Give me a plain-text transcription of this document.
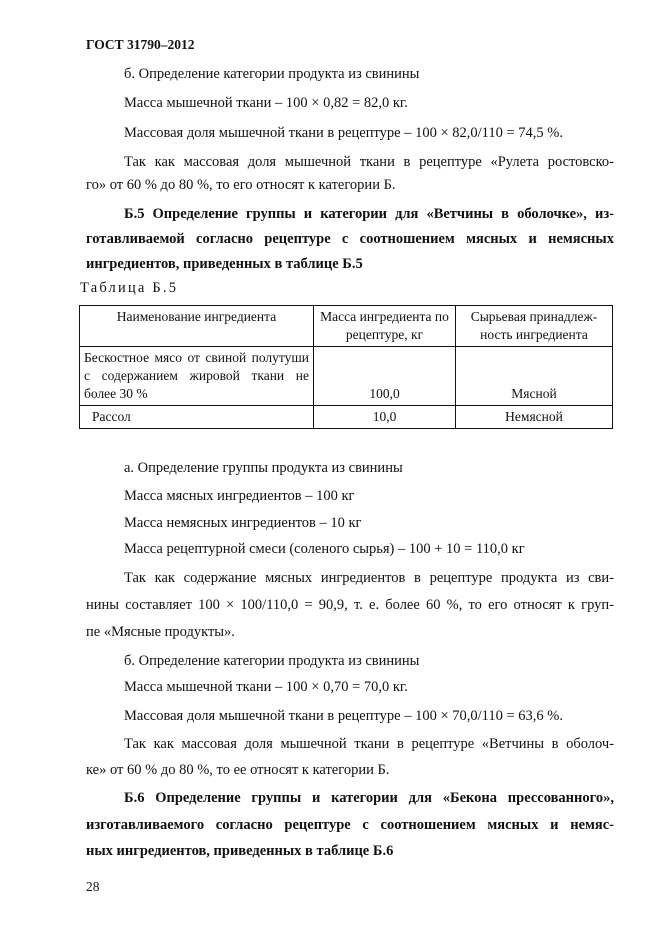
ГОСТ 31790–2012
б. Определение категории продукта из свинины
Масса мышечной ткани – 100 × 0,82 = 82,0 кг.
Массовая доля мышечной ткани в рецептуре – 100 × 82,0/110 = 74,5 %.
Так как массовая доля мышечной ткани в рецептуре «Рулета ростовско-
го» от 60 % до 80 %, то его относят к категории Б.
Б.5 Определение группы и категории для «Ветчины в оболочке», из-
готавливаемой согласно рецептуре с соотношением мясных и немясных
ингредиентов, приведенных в таблице Б.5
Таблица Б.5
Наименование ингредиента	Масса ингредиента по рецептуре, кг	Сырьевая принадлеж-ность ингредиента
Бескостное мясо от свиной полутуши с содержанием жировой ткани не более 30 %	100,0	Мясной
Рассол	10,0	Немясной
а. Определение группы продукта из свинины
Масса мясных ингредиентов – 100 кг
Масса немясных ингредиентов – 10 кг
Масса рецептурной смеси (соленого сырья) – 100 + 10 = 110,0 кг
Так как содержание мясных ингредиентов в рецептуре продукта из сви-
нины составляет 100 × 100/110,0 = 90,9, т. е. более 60 %, то его относят к груп-
пе «Мясные продукты».
б. Определение категории продукта из свинины
Масса мышечной ткани – 100 × 0,70 = 70,0 кг.
Массовая доля мышечной ткани в рецептуре – 100 × 70,0/110 = 63,6 %.
Так как массовая доля мышечной ткани в рецептуре «Ветчины в оболоч-
ке» от 60 % до 80 %, то ее относят к категории Б.
Б.6 Определение группы и категории для «Бекона прессованного»,
изготавливаемого согласно рецептуре с соотношением мясных и немяс-
ных ингредиентов, приведенных в таблице Б.6
28
